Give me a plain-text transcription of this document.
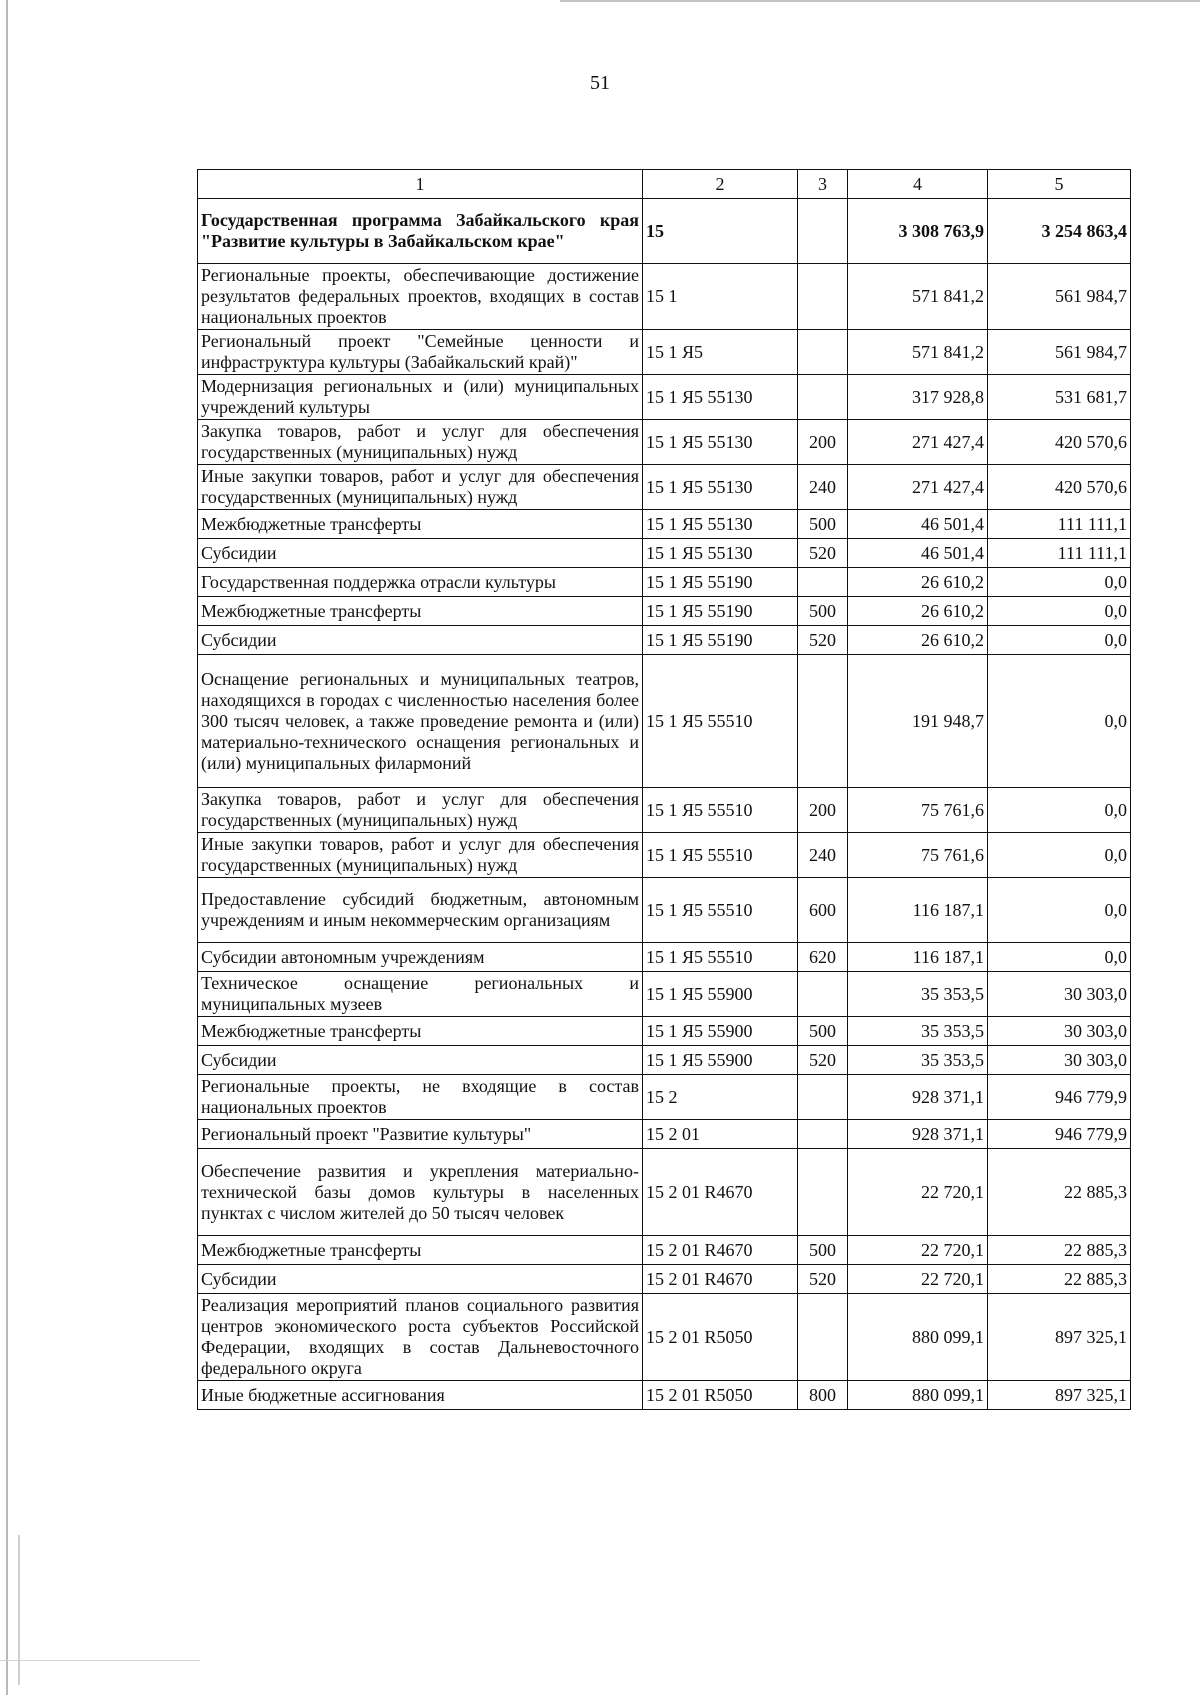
51
1	2	3	4	5
Государственная программа Забайкальского края "Развитие культуры в Забайкальском крае"	15		3 308 763,9	3 254 863,4
Региональные проекты, обеспечивающие достижение результатов федеральных проектов, входящих в состав национальных проектов	15 1		571 841,2	561 984,7
Региональный проект "Семейные ценности и инфраструктура культуры (Забайкальский край)"	15 1 Я5		571 841,2	561 984,7
Модернизация региональных и (или) муниципальных учреждений культуры	15 1 Я5 55130		317 928,8	531 681,7
Закупка товаров, работ и услуг для обеспечения государственных (муниципальных) нужд	15 1 Я5 55130	200	271 427,4	420 570,6
Иные закупки товаров, работ и услуг для обеспечения государственных (муниципальных) нужд	15 1 Я5 55130	240	271 427,4	420 570,6
Межбюджетные трансферты	15 1 Я5 55130	500	46 501,4	111 111,1
Субсидии	15 1 Я5 55130	520	46 501,4	111 111,1
Государственная поддержка отрасли культуры	15 1 Я5 55190		26 610,2	0,0
Межбюджетные трансферты	15 1 Я5 55190	500	26 610,2	0,0
Субсидии	15 1 Я5 55190	520	26 610,2	0,0
Оснащение региональных и муниципальных театров, находящихся в городах с численностью населения более 300 тысяч человек, а также проведение ремонта и (или) материально-технического оснащения региональных и (или) муниципальных филармоний	15 1 Я5 55510		191 948,7	0,0
Закупка товаров, работ и услуг для обеспечения государственных (муниципальных) нужд	15 1 Я5 55510	200	75 761,6	0,0
Иные закупки товаров, работ и услуг для обеспечения государственных (муниципальных) нужд	15 1 Я5 55510	240	75 761,6	0,0
Предоставление субсидий бюджетным, автономным учреждениям и иным некоммерческим организациям	15 1 Я5 55510	600	116 187,1	0,0
Субсидии автономным учреждениям	15 1 Я5 55510	620	116 187,1	0,0
Техническое оснащение региональных и муниципальных музеев	15 1 Я5 55900		35 353,5	30 303,0
Межбюджетные трансферты	15 1 Я5 55900	500	35 353,5	30 303,0
Субсидии	15 1 Я5 55900	520	35 353,5	30 303,0
Региональные проекты, не входящие в состав национальных проектов	15 2		928 371,1	946 779,9
Региональный проект "Развитие культуры"	15 2 01		928 371,1	946 779,9
Обеспечение развития и укрепления материально-технической базы домов культуры в населенных пунктах с числом жителей до 50 тысяч человек	15 2 01 R4670		22 720,1	22 885,3
Межбюджетные трансферты	15 2 01 R4670	500	22 720,1	22 885,3
Субсидии	15 2 01 R4670	520	22 720,1	22 885,3
Реализация мероприятий планов социального развития центров экономического роста субъектов Российской Федерации, входящих в состав Дальневосточного федерального округа	15 2 01 R5050		880 099,1	897 325,1
Иные бюджетные ассигнования	15 2 01 R5050	800	880 099,1	897 325,1
